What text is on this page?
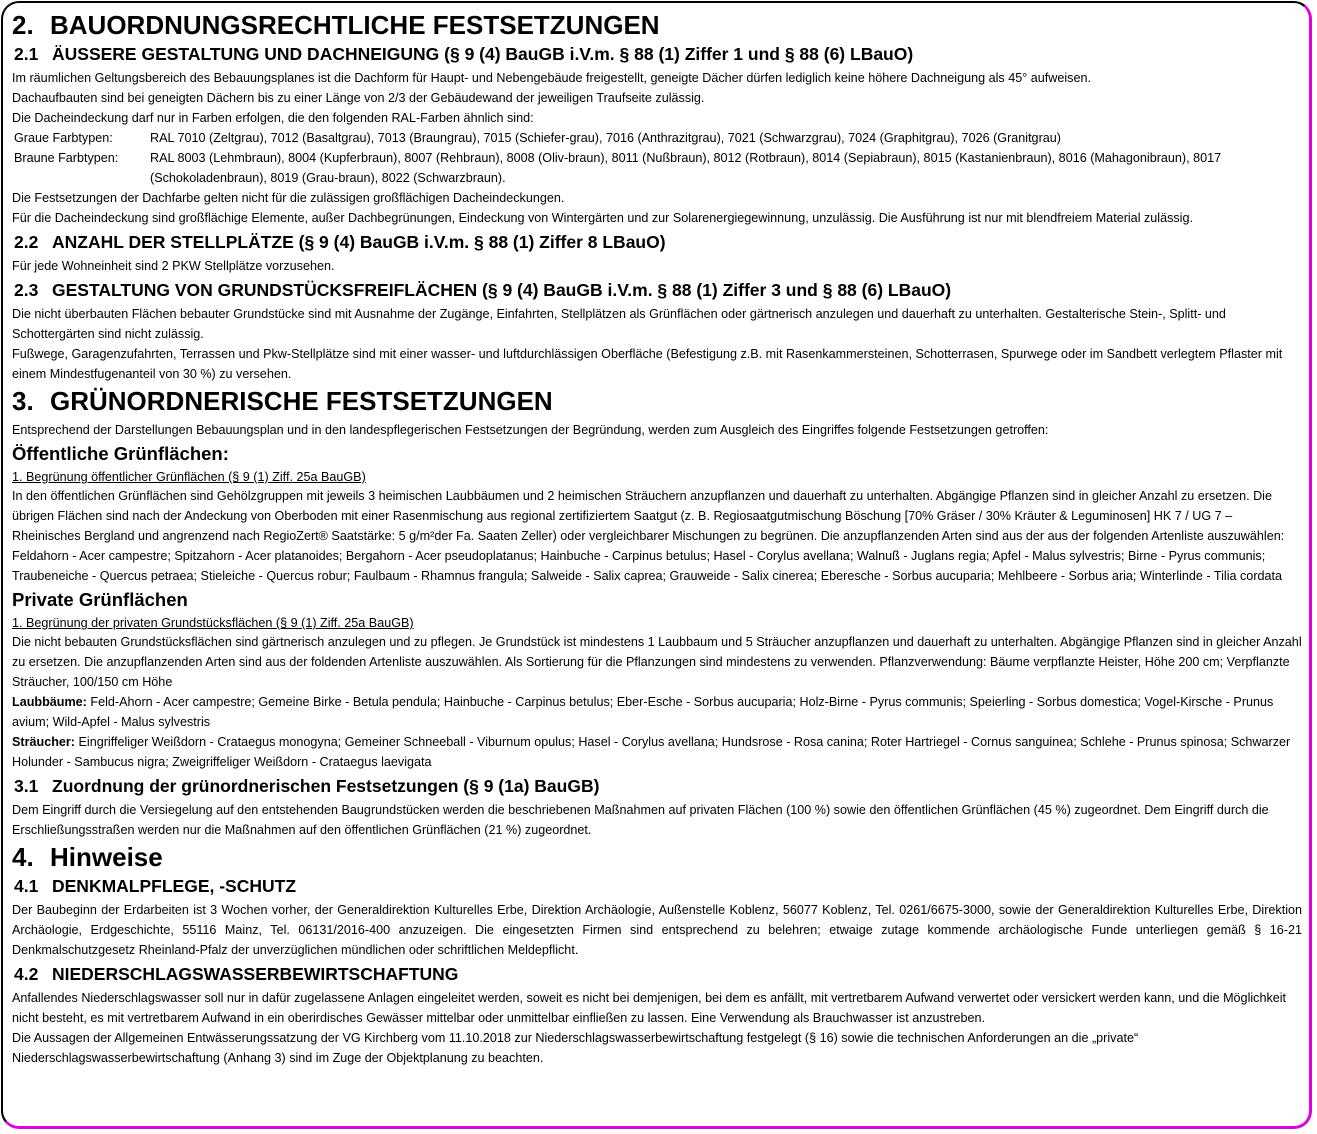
2. BAUORDNUNGSRECHTLICHE FESTSETZUNGEN
2.1 ÄUSSERE GESTALTUNG UND DACHNEIGUNG (§ 9 (4) BauGB i.V.m. § 88 (1) Ziffer 1 und § 88 (6) LBauO)

Im räumlichen Geltungsbereich des Bebauungsplanes ist die Dachform für Haupt- und Nebengebäude freigestellt, geneigte Dächer dürfen lediglich keine höhere Dachneigung als 45° aufweisen.

Dachaufbauten sind bei geneigten Dächern bis zu einer Länge von 2/3 der Gebäudewand der jeweiligen Traufseite zulässig.

Die Dacheindeckung darf nur in Farben erfolgen, die den folgenden RAL-Farben ähnlich sind:

Graue Farbtypen:	RAL 7010 (Zeltgrau), 7012 (Basaltgrau), 7013 (Braungrau), 7015 (Schiefer-grau), 7016 (Anthrazitgrau), 7021 (Schwarzgrau), 7024 (Graphitgrau), 7026 (Granitgrau)
Braune Farbtypen:	RAL 8003 (Lehmbraun), 8004 (Kupferbraun), 8007 (Rehbraun), 8008 (Oliv-braun), 8011 (Nußbraun), 8012 (Rotbraun), 8014 (Sepiabraun), 8015 (Kastanienbraun), 8016 (Mahagonibraun), 8017 (Schokoladenbraun), 8019 (Grau-braun), 8022 (Schwarzbraun).

Die Festsetzungen der Dachfarbe gelten nicht für die zulässigen großflächigen Dacheindeckungen.

Für die Dacheindeckung sind großflächige Elemente, außer Dachbegrünungen, Eindeckung von Wintergärten und zur Solarenergiegewinnung, unzulässig. Die Ausführung ist nur mit blendfreiem Material zulässig.

2.2 ANZAHL DER STELLPLÄTZE (§ 9 (4) BauGB i.V.m. § 88 (1) Ziffer 8 LBauO)

Für jede Wohneinheit sind 2 PKW Stellplätze vorzusehen.

2.3 GESTALTUNG VON GRUNDSTÜCKSFREIFLÄCHEN (§ 9 (4) BauGB i.V.m. § 88 (1) Ziffer 3 und § 88 (6) LBauO)

Die nicht überbauten Flächen bebauter Grundstücke sind mit Ausnahme der Zugänge, Einfahrten, Stellplätzen als Grünflächen oder gärtnerisch anzulegen und dauerhaft zu unterhalten. Gestalterische Stein-, Splitt- und Schottergärten sind nicht zulässig.

Fußwege, Garagenzufahrten, Terrassen und Pkw-Stellplätze sind mit einer wasser- und luftdurchlässigen Oberfläche (Befestigung z.B. mit Rasenkammersteinen, Schotterrasen, Spurwege oder im Sandbett verlegtem Pflaster mit einem Mindestfugenanteil von 30 %) zu versehen.

3. GRÜNORDNERISCHE FESTSETZUNGEN

Entsprechend der Darstellungen Bebauungsplan und in den landespflegerischen Festsetzungen der Begründung, werden zum Ausgleich des Eingriffes folgende Festsetzungen getroffen:

Öffentliche Grünflächen:
1. Begrünung öffentlicher Grünflächen (§ 9 (1) Ziff. 25a BauGB)

In den öffentlichen Grünflächen sind Gehölzgruppen mit jeweils 3 heimischen Laubbäumen und 2 heimischen Sträuchern anzupflanzen und dauerhaft zu unterhalten. Abgängige Pflanzen sind in gleicher Anzahl zu ersetzen. Die übrigen Flächen sind nach der Andeckung von Oberboden mit einer Rasenmischung aus regional zertifiziertem Saatgut (z. B. Regiosaatgutmischung Böschung [70% Gräser / 30% Kräuter & Leguminosen] HK 7 / UG 7 – Rheinisches Bergland und angrenzend nach RegioZert® Saatstärke: 5 g/m²der Fa. Saaten Zeller) oder vergleichbarer Mischungen zu begrünen. Die anzupflanzenden Arten sind aus der aus der folgenden Artenliste auszuwählen:

Feldahorn - Acer campestre; Spitzahorn - Acer platanoides; Bergahorn - Acer pseudoplatanus; Hainbuche - Carpinus betulus; Hasel - Corylus avellana; Walnuß - Juglans regia; Apfel - Malus sylvestris; Birne - Pyrus communis; Traubeneiche - Quercus petraea; Stieleiche - Quercus robur; Faulbaum - Rhamnus frangula; Salweide - Salix caprea; Grauweide - Salix cinerea; Eberesche - Sorbus aucuparia; Mehlbeere - Sorbus aria; Winterlinde - Tilia cordata

Private Grünflächen
1. Begrünung der privaten Grundstücksflächen (§ 9 (1) Ziff. 25a BauGB)

Die nicht bebauten Grundstücksflächen sind gärtnerisch anzulegen und zu pflegen. Je Grundstück ist mindestens 1 Laubbaum und 5 Sträucher anzupflanzen und dauerhaft zu unterhalten. Abgängige Pflanzen sind in gleicher Anzahl zu ersetzen. Die anzupflanzenden Arten sind aus der foldenden Artenliste auszuwählen. Als Sortierung für die Pflanzungen sind mindestens zu verwenden. Pflanzverwendung: Bäume verpflanzte Heister, Höhe 200 cm; Verpflanzte Sträucher, 100/150 cm Höhe

Laubbäume: Feld-Ahorn - Acer campestre; Gemeine Birke - Betula pendula; Hainbuche - Carpinus betulus; Eber-Esche - Sorbus aucuparia; Holz-Birne - Pyrus communis; Speierling - Sorbus domestica; Vogel-Kirsche - Prunus avium; Wild-Apfel - Malus sylvestris

Sträucher: Eingriffeliger Weißdorn - Crataegus monogyna; Gemeiner Schneeball - Viburnum opulus; Hasel - Corylus avellana; Hundsrose - Rosa canina; Roter Hartriegel - Cornus sanguinea; Schlehe - Prunus spinosa; Schwarzer Holunder - Sambucus nigra; Zweigriffeliger Weißdorn - Crataegus laevigata

3.1 Zuordnung der grünordnerischen Festsetzungen (§ 9 (1a) BauGB)

Dem Eingriff durch die Versiegelung auf den entstehenden Baugrundstücken werden die beschriebenen Maßnahmen auf privaten Flächen (100 %) sowie den öffentlichen Grünflächen (45 %) zugeordnet. Dem Eingriff durch die Erschließungsstraßen werden nur die Maßnahmen auf den öffentlichen Grünflächen (21 %) zugeordnet.

4. Hinweise
4.1 DENKMALPFLEGE, -SCHUTZ

Der Baubeginn der Erdarbeiten ist 3 Wochen vorher, der Generaldirektion Kulturelles Erbe, Direktion Archäologie, Außenstelle Koblenz, 56077 Koblenz, Tel. 0261/6675-3000, sowie der Generaldirektion Kulturelles Erbe, Direktion Archäologie, Erdgeschichte, 55116 Mainz, Tel. 06131/2016-400 anzuzeigen. Die eingesetzten Firmen sind entsprechend zu belehren; etwaige zutage kommende archäologische Funde unterliegen gemäß § 16-21 Denkmalschutzgesetz Rheinland-Pfalz der unverzüglichen mündlichen oder schriftlichen Meldepflicht.

4.2 NIEDERSCHLAGSWASSERBEWIRTSCHAFTUNG

Anfallendes Niederschlagswasser soll nur in dafür zugelassene Anlagen eingeleitet werden, soweit es nicht bei demjenigen, bei dem es anfällt, mit vertretbarem Aufwand verwertet oder versickert werden kann, und die Möglichkeit nicht besteht, es mit vertretbarem Aufwand in ein oberirdisches Gewässer mittelbar oder unmittelbar einfließen zu lassen. Eine Verwendung als Brauchwasser ist anzustreben.

Die Aussagen der Allgemeinen Entwässerungssatzung der VG Kirchberg vom 11.10.2018 zur Niederschlagswasserbewirtschaftung festgelegt (§ 16) sowie die technischen Anforderungen an die „private“ Niederschlagswasserbewirtschaftung (Anhang 3) sind im Zuge der Objektplanung zu beachten.
